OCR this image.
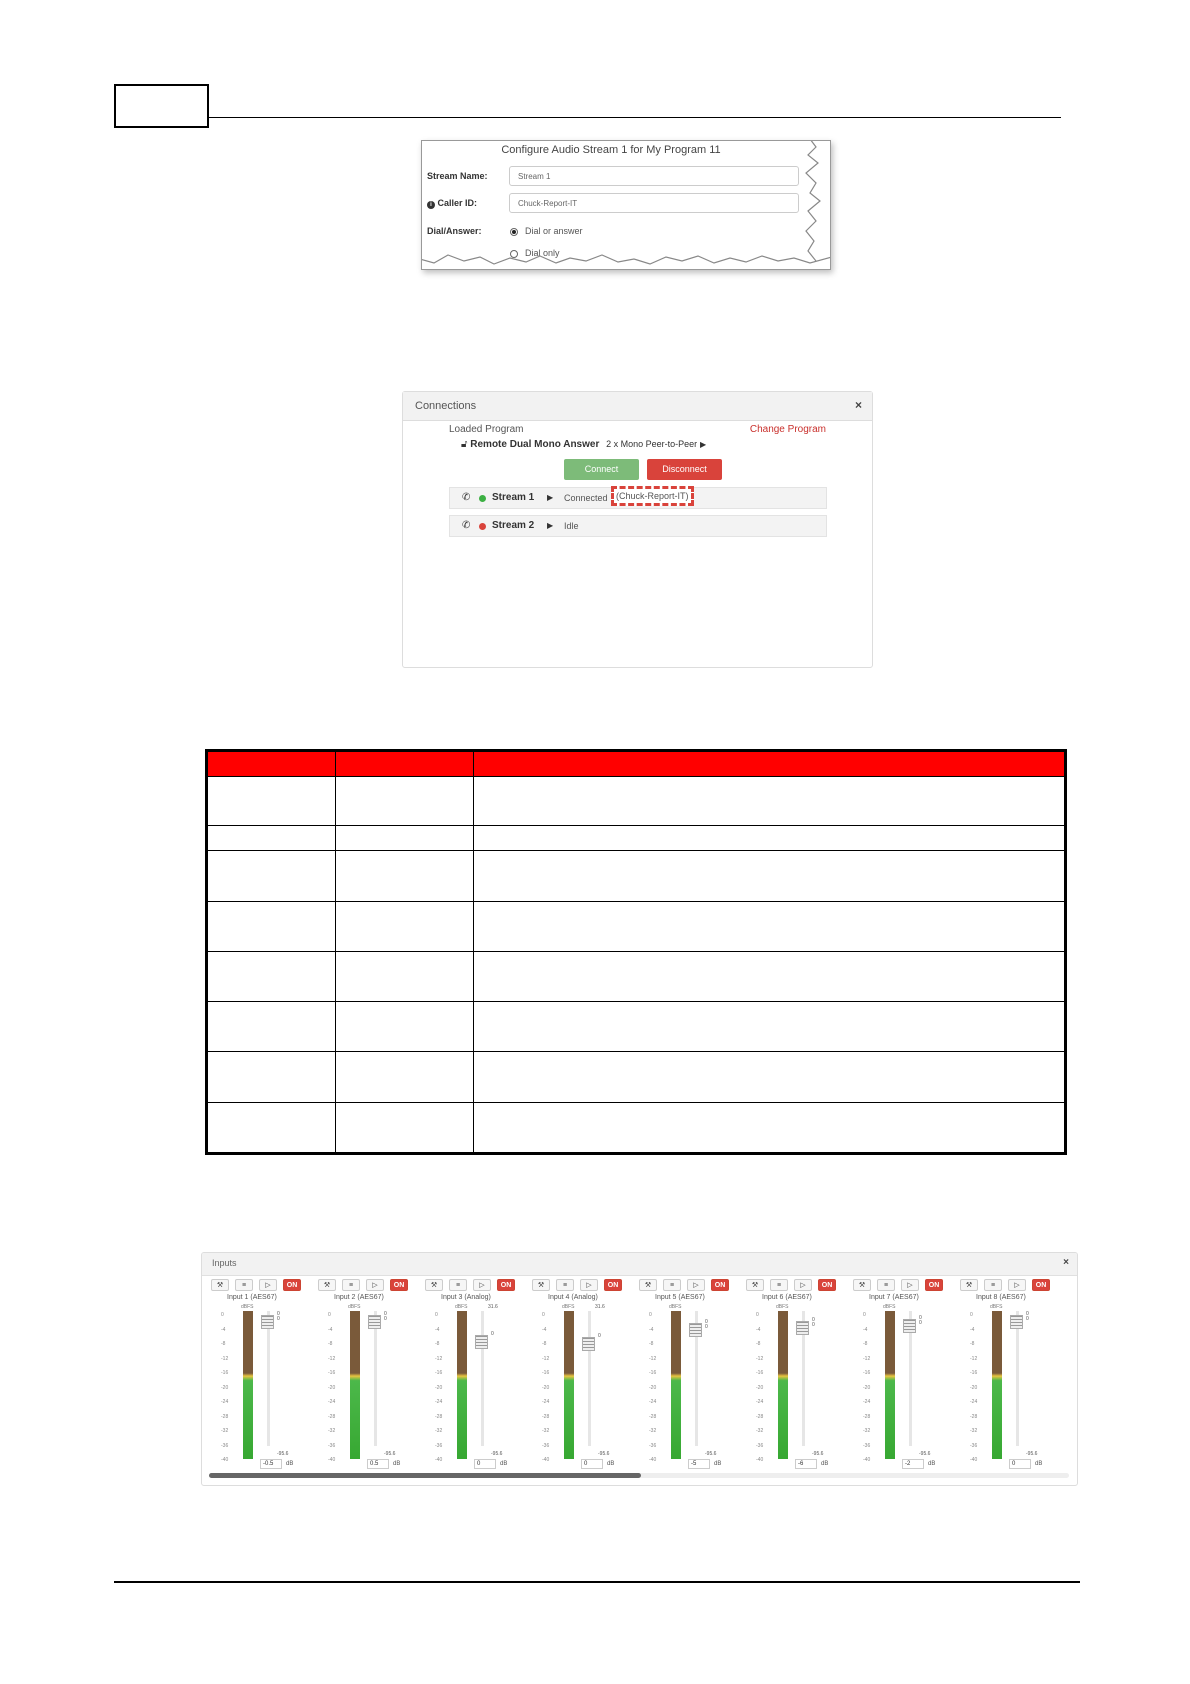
Configure Audio Stream 1 for My Program 11
Stream Name:	Stream 1
i Caller ID:	Chuck-Report-IT
Dial/Answer:	Dial or answer
Dial only
Connections	×
Loaded Program	Change Program
🔓︎ Remote Dual Mono Answer 2 x Mono Peer-to-Peer ▶
Connect	Disconnect
✆ Stream 1 ▶ Connected (Chuck-Report-IT)
✆ Stream 2 ▶ Idle

Inputs	×
⚒	≡	▷	ON
Input 1 (AES67)
dBFS
0
-4
-8
-12
-16
-20
-24
-28
-32
-36
-40
0
0
-95.6
-0.5	dB
⚒	≡	▷	ON
Input 2 (AES67)
dBFS
0
-4
-8
-12
-16
-20
-24
-28
-32
-36
-40
0
0
-95.6
0.5	dB
⚒	≡	▷	ON
Input 3 (Analog)
dBFS	31.6
0
-4
-8
-12
-16
-20
-24
-28
-32
-36
-40
0
-95.6
0	dB
⚒	≡	▷	ON
Input 4 (Analog)
dBFS	31.6
0
-4
-8
-12
-16
-20
-24
-28
-32
-36
-40
0
-95.6
0	dB
⚒	≡	▷	ON
Input 5 (AES67)
dBFS
0
-4
-8
-12
-16
-20
-24
-28
-32
-36
-40
0
0
-95.6
-5	dB
⚒	≡	▷	ON
Input 6 (AES67)
dBFS
0
-4
-8
-12
-16
-20
-24
-28
-32
-36
-40
0
0
-95.6
-6	dB
⚒	≡	▷	ON
Input 7 (AES67)
dBFS
0
-4
-8
-12
-16
-20
-24
-28
-32
-36
-40
0
0
-95.6
-2	dB
⚒	≡	▷	ON
Input 8 (AES67)
dBFS
0
-4
-8
-12
-16
-20
-24
-28
-32
-36
-40
0
0
-95.6
0	dB
